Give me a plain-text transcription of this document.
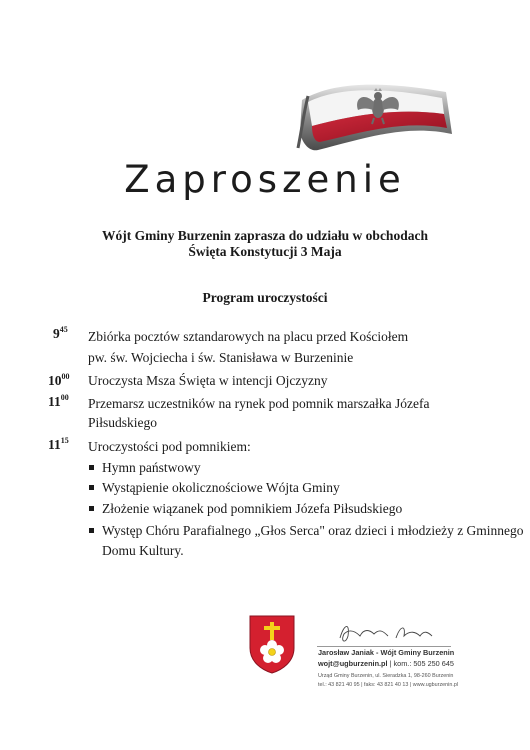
Zaproszenie
Wójt Gminy Burzenin zaprasza do udziału w obchodach
Święta Konstytucji 3 Maja
Program uroczystości
$9^{45}$ Zbiórka pocztów sztandarowych na placu przed Kościołem
pw. św. Wojciecha i św. Stanisława w Burzeninie
$10^{00}$ Uroczysta Msza Święta w intencji Ojczyzny
$11^{00}$ Przemarsz uczestników na rynek pod pomnik marszałka Józefa
Piłsudskiego
$11^{15}$ Uroczystości pod pomnikiem:
Hymn państwowy
Wystąpienie okolicznościowe Wójta Gminy
Złożenie wiązanek pod pomnikiem Józefa Piłsudskiego
Występ Chóru Parafialnego „Głos Serca" oraz dzieci i młodzieży z Gminnego
Domu Kultury.
Jarosław Janiak - Wójt Gminy Burzenin
wojt@ugburzenin.pl | kom.: 505 250 645
Urząd Gminy Burzenin, ul. Sieradzka 1, 98-260 Burzenin
tel.: 43 821 40 95 | faks: 43 821 40 13 | www.ugburzenin.pl
